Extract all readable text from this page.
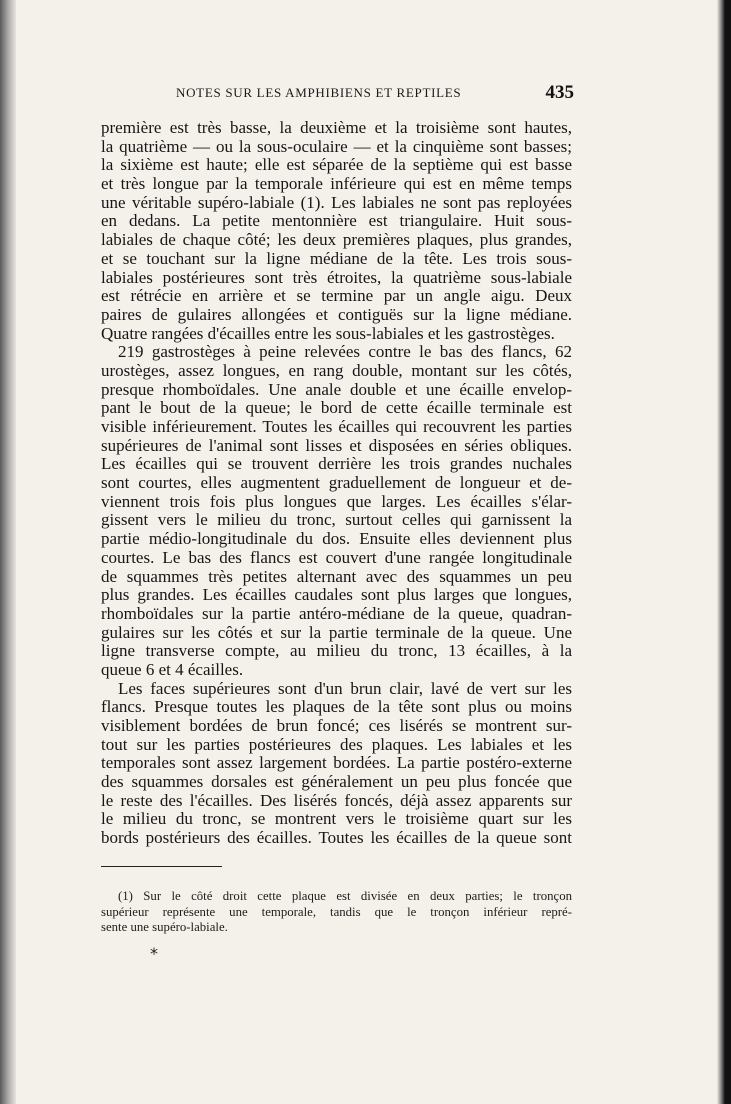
NOTES SUR LES AMPHIBIENS ET REPTILES	435
première est très basse, la deuxième et la troisième sont hautes,
la quatrième — ou la sous-oculaire — et la cinquième sont basses;
la sixième est haute; elle est séparée de la septième qui est basse
et très longue par la temporale inférieure qui est en même temps
une véritable supéro-labiale (1). Les labiales ne sont pas reployées
en dedans. La petite mentonnière est triangulaire. Huit sous-
labiales de chaque côté; les deux premières plaques, plus grandes,
et se touchant sur la ligne médiane de la tête. Les trois sous-
labiales postérieures sont très étroites, la quatrième sous-labiale
est rétrécie en arrière et se termine par un angle aigu. Deux
paires de gulaires allongées et contiguës sur la ligne médiane.
Quatre rangées d'écailles entre les sous-labiales et les gastrostèges.
219 gastrostèges à peine relevées contre le bas des flancs, 62
urostèges, assez longues, en rang double, montant sur les côtés,
presque rhomboïdales. Une anale double et une écaille envelop-
pant le bout de la queue; le bord de cette écaille terminale est
visible inférieurement. Toutes les écailles qui recouvrent les parties
supérieures de l'animal sont lisses et disposées en séries obliques.
Les écailles qui se trouvent derrière les trois grandes nuchales
sont courtes, elles augmentent graduellement de longueur et de-
viennent trois fois plus longues que larges. Les écailles s'élar-
gissent vers le milieu du tronc, surtout celles qui garnissent la
partie médio-longitudinale du dos. Ensuite elles deviennent plus
courtes. Le bas des flancs est couvert d'une rangée longitudinale
de squammes très petites alternant avec des squammes un peu
plus grandes. Les écailles caudales sont plus larges que longues,
rhomboïdales sur la partie antéro-médiane de la queue, quadran-
gulaires sur les côtés et sur la partie terminale de la queue. Une
ligne transverse compte, au milieu du tronc, 13 écailles, à la
queue 6 et 4 écailles.
Les faces supérieures sont d'un brun clair, lavé de vert sur les
flancs. Presque toutes les plaques de la tête sont plus ou moins
visiblement bordées de brun foncé; ces lisérés se montrent sur-
tout sur les parties postérieures des plaques. Les labiales et les
temporales sont assez largement bordées. La partie postéro-externe
des squammes dorsales est généralement un peu plus foncée que
le reste des l'écailles. Des lisérés foncés, déjà assez apparents sur
le milieu du tronc, se montrent vers le troisième quart sur les
bords postérieurs des écailles. Toutes les écailles de la queue sont
(1) Sur le côté droit cette plaque est divisée en deux parties; le tronçon
supérieur représente une temporale, tandis que le tronçon inférieur repré-
sente une supéro-labiale.
*
